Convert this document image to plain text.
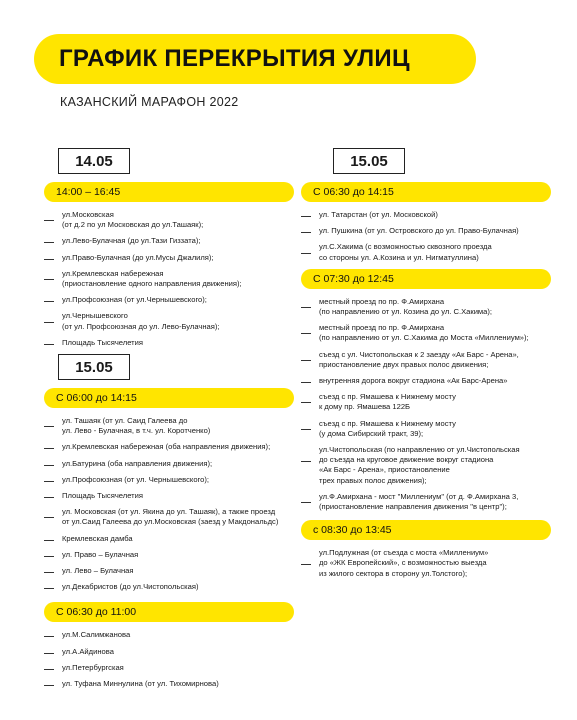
ГРАФИК ПЕРЕКРЫТИЯ УЛИЦ
КАЗАНСКИЙ МАРАФОН 2022
14.05
14:00 – 16:45
ул.Московская
(от д.2 по ул Московская до ул.Ташаяк);
ул.Лево-Булачная (до ул.Тази Гиззата);
ул.Право-Булачная (до ул.Мусы Джалиля);
ул.Кремлевская набережная
(приостановление одного направления движения);
ул.Профсоюзная (от ул.Чернышевского);
ул.Чернышевского
(от ул. Профсоюзная до ул. Лево-Булачная);
Площадь Тысячелетия
15.05
С 06:00 до 14:15
ул. Ташаяк (от ул. Саид Галеева до
ул. Лево - Булачная, в т.ч. ул. Коротченко)
ул.Кремлевская набережная (оба направления движения);
ул.Батурина (оба направления движения);
ул.Профсоюзная (от ул. Чернышевского);
Площадь Тысячелетия
ул. Московская (от ул. Якина до ул. Ташаяк), а также проезд
от ул.Саид Галеева до ул.Московская (заезд у Макдональдс)
Кремлевская дамба
ул. Право – Булачная
ул. Лево – Булачная
ул.Декабристов (до ул.Чистопольская)
С 06:30 до 11:00
ул.М.Салимжанова
ул.А.Айдинова
ул.Петербургская
ул. Туфана Миннулина (от ул. Тихомирнова)
15.05
С 06:30 до 14:15
ул. Татарстан (от ул. Московской)
ул. Пушкина (от ул. Островского до ул. Право-Булачная)
ул.С.Хакима (с возможностью сквозного проезда
со стороны ул. А.Козина и ул. Нигматуллина)
С 07:30 до 12:45
местный проезд по пр. Ф.Амирхана
(по направлению от ул. Козина до ул. С.Хакима);
местный проезд по пр. Ф.Амирхана
(по направлению от ул. С.Хакима до Моста «Миллениум»);
съезд с ул. Чистопольская к 2 заезду «Ак Барс - Арена»,
приостановление двух правых полос движения;
внутренняя дорога вокруг стадиона «Ак Барс-Арена»
съезд с пр. Ямашева к Нижнему мосту
к дому пр. Ямашева 122Б
съезд с пр. Ямашева к Нижнему мосту
(у дома Сибирский тракт, 39);
ул.Чистопольская (по направлению от ул.Чистопольская
до съезда на круговое движение вокруг стадиона
«Ак Барс - Арена», приостановление
трех правых полос движения);
ул.Ф.Амирхана - мост "Миллениум" (от д. Ф.Амирхана 3,
(приостановление направления движения "в центр");
с 08:30 до 13:45
ул.Подлужная (от съезда с моста «Миллениум»
до «ЖК Европейский», с возможностью выезда
из жилого сектора в сторону ул.Толстого);
